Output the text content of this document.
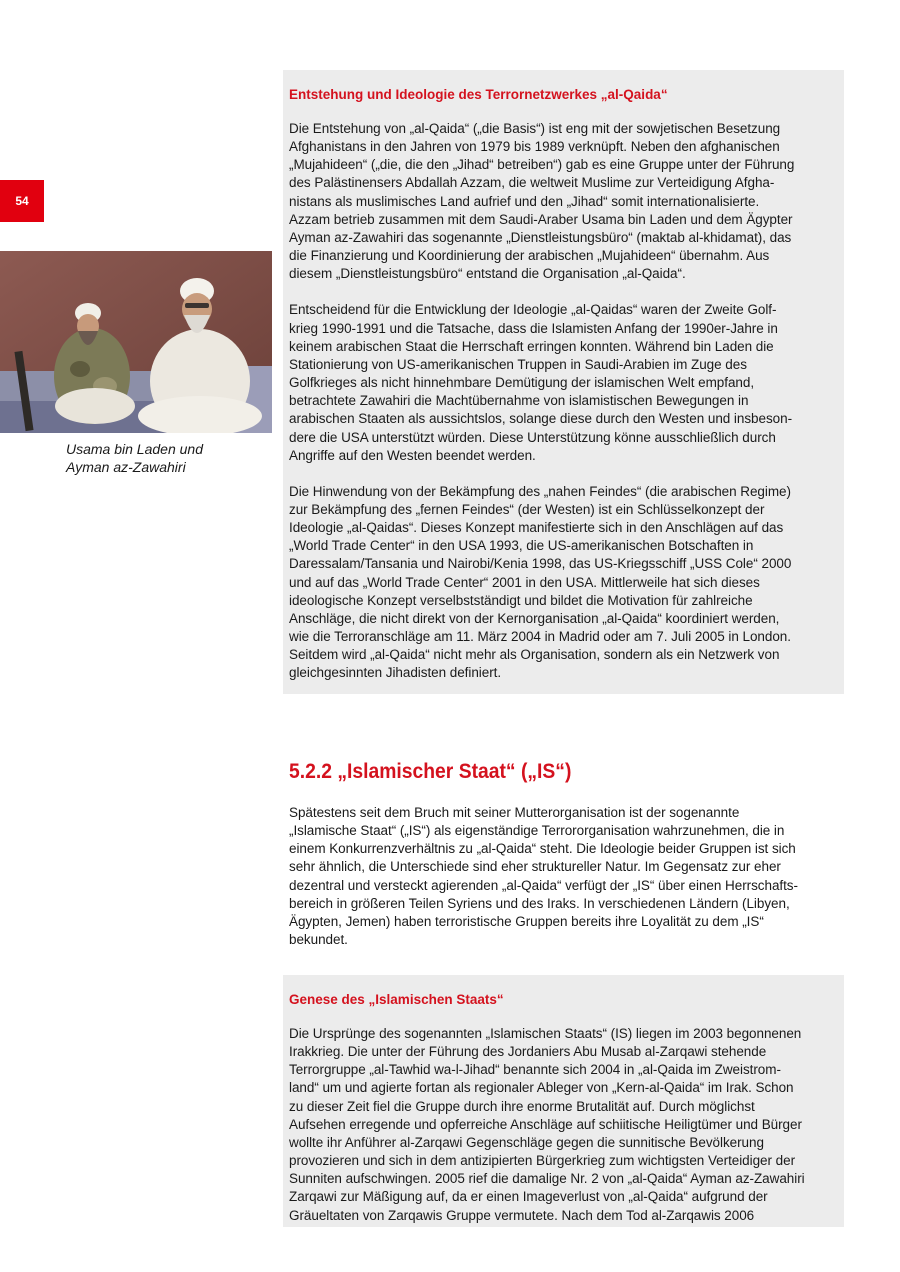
54
Usama bin Laden und
Ayman az-Zawahiri
Entstehung und Ideologie des Terrornetzwerkes „al-Qaida“
Die Entstehung von „al-Qaida“ („die Basis“) ist eng mit der sowjetischen Besetzung
Afghanistans in den Jahren von 1979 bis 1989 verknüpft. Neben den afghanischen
„Mujahideen“ („die, die den „Jihad“ betreiben“) gab es eine Gruppe unter der Führung
des Palästinensers Abdallah Azzam, die weltweit Muslime zur Verteidigung Afgha-
nistans als muslimisches Land aufrief und den „Jihad“ somit internationalisierte.
Azzam betrieb zusammen mit dem Saudi-Araber Usama bin Laden und dem Ägypter
Ayman az-Zawahiri das sogenannte „Dienstleistungsbüro“ (maktab al-khidamat), das
die Finanzierung und Koordinierung der arabischen „Mujahideen“ übernahm. Aus
diesem „Dienstleistungsbüro“ entstand die Organisation „al-Qaida“.
Entscheidend für die Entwicklung der Ideologie „al-Qaidas“ waren der Zweite Golf-
krieg 1990-1991 und die Tatsache, dass die Islamisten Anfang der 1990er-Jahre in
keinem arabischen Staat die Herrschaft erringen konnten. Während bin Laden die
Stationierung von US-amerikanischen Truppen in Saudi-Arabien im Zuge des
Golfkrieges als nicht hinnehmbare Demütigung der islamischen Welt empfand,
betrachtete Zawahiri die Machtübernahme von islamistischen Bewegungen in
arabischen Staaten als aussichtslos, solange diese durch den Westen und insbeson-
dere die USA unterstützt würden. Diese Unterstützung könne ausschließlich durch
Angriffe auf den Westen beendet werden.
Die Hinwendung von der Bekämpfung des „nahen Feindes“ (die arabischen Regime)
zur Bekämpfung des „fernen Feindes“ (der Westen) ist ein Schlüsselkonzept der
Ideologie „al-Qaidas“. Dieses Konzept manifestierte sich in den Anschlägen auf das
„World Trade Center“ in den USA 1993, die US-amerikanischen Botschaften in
Daressalam/Tansania und Nairobi/Kenia 1998, das US-Kriegsschiff „USS Cole“ 2000
und auf das „World Trade Center“ 2001 in den USA. Mittlerweile hat sich dieses
ideologische Konzept verselbstständigt und bildet die Motivation für zahlreiche
Anschläge, die nicht direkt von der Kernorganisation „al-Qaida“ koordiniert werden,
wie die Terroranschläge am 11. März 2004 in Madrid oder am 7. Juli 2005 in London.
Seitdem wird „al-Qaida“ nicht mehr als Organisation, sondern als ein Netzwerk von
gleichgesinnten Jihadisten definiert.
5.2.2 „Islamischer Staat“ („IS“)
Spätestens seit dem Bruch mit seiner Mutterorganisation ist der sogenannte
„Islamische Staat“ („IS“) als eigenständige Terrororganisation wahrzunehmen, die in
einem Konkurrenzverhältnis zu „al-Qaida“ steht. Die Ideologie beider Gruppen ist sich
sehr ähnlich, die Unterschiede sind eher struktureller Natur. Im Gegensatz zur eher
dezentral und versteckt agierenden „al-Qaida“ verfügt der „IS“ über einen Herrschafts-
bereich in größeren Teilen Syriens und des Iraks. In verschiedenen Ländern (Libyen,
Ägypten, Jemen) haben terroristische Gruppen bereits ihre Loyalität zu dem „IS“
bekundet.
Genese des „Islamischen Staats“
Die Ursprünge des sogenannten „Islamischen Staats“ (IS) liegen im 2003 begonnenen
Irakkrieg. Die unter der Führung des Jordaniers Abu Musab al-Zarqawi stehende
Terrorgruppe „al-Tawhid wa-l-Jihad“ benannte sich 2004 in „al-Qaida im Zweistrom-
land“ um und agierte fortan als regionaler Ableger von „Kern-al-Qaida“ im Irak. Schon
zu dieser Zeit fiel die Gruppe durch ihre enorme Brutalität auf. Durch möglichst
Aufsehen erregende und opferreiche Anschläge auf schiitische Heiligtümer und Bürger
wollte ihr Anführer al-Zarqawi Gegenschläge gegen die sunnitische Bevölkerung
provozieren und sich in dem antizipierten Bürgerkrieg zum wichtigsten Verteidiger der
Sunniten aufschwingen. 2005 rief die damalige Nr. 2 von „al-Qaida“ Ayman az-Zawahiri
Zarqawi zur Mäßigung auf, da er einen Imageverlust von „al-Qaida“ aufgrund der
Gräueltaten von Zarqawis Gruppe vermutete. Nach dem Tod al-Zarqawis 2006
